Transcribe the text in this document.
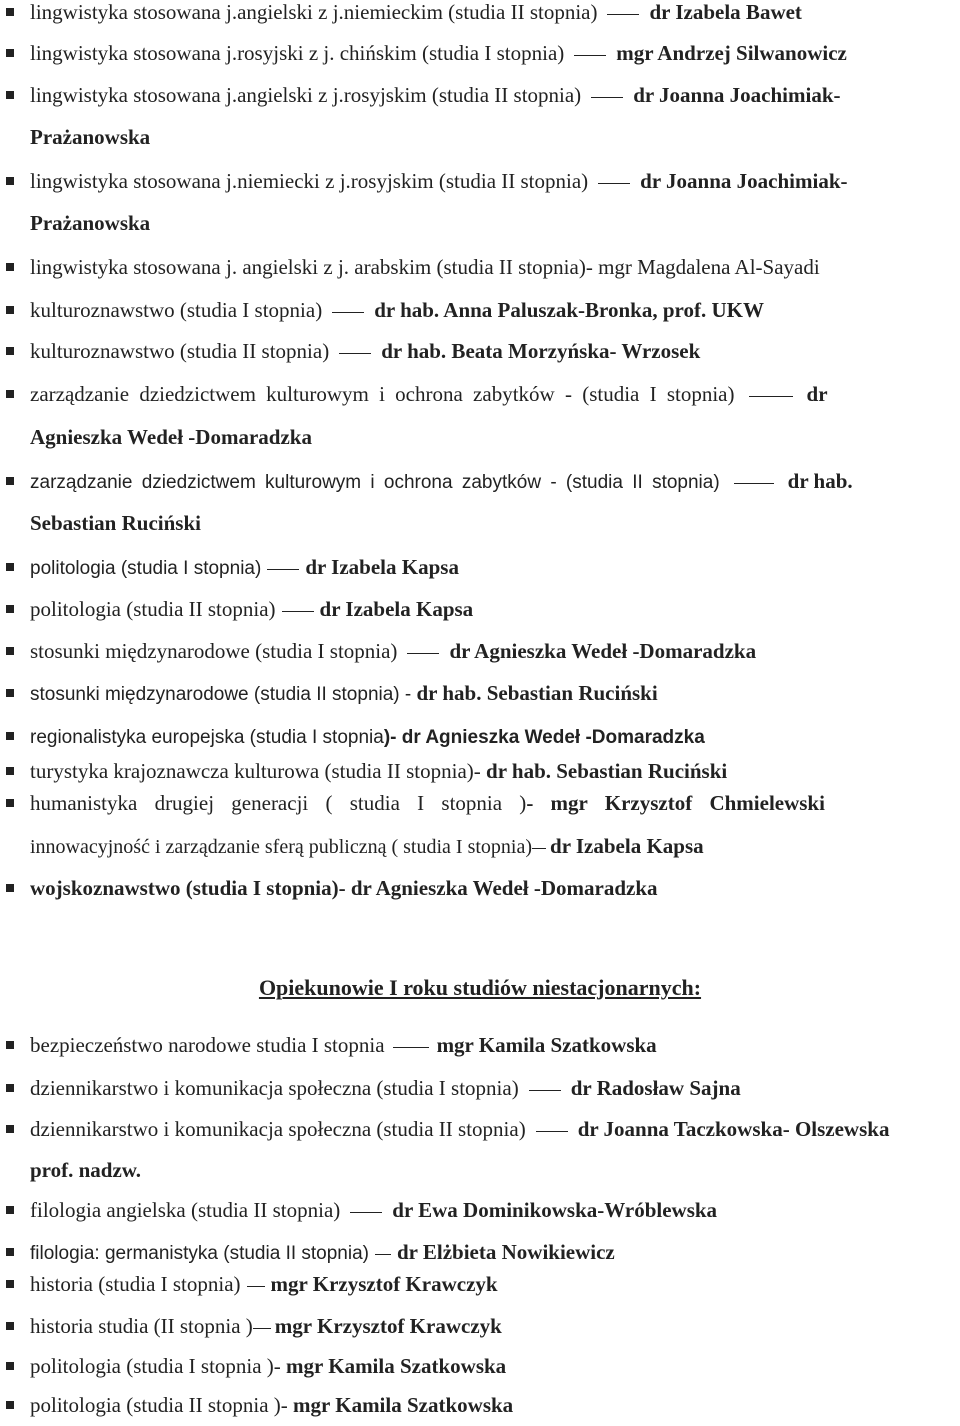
lingwistyka stosowana j.angielski z j.niemieckim (studia II stopnia) dr Izabela Bawet
lingwistyka stosowana j.rosyjski z j. chińskim (studia I stopnia) mgr Andrzej Silwanowicz
lingwistyka stosowana j.angielski z j.rosyjskim (studia II stopnia) dr Joanna Joachimiak-
Prażanowska
lingwistyka stosowana j.niemiecki z j.rosyjskim (studia II stopnia) dr Joanna Joachimiak-
Prażanowska
lingwistyka stosowana j. angielski z j. arabskim (studia II stopnia)- mgr Magdalena Al-Sayadi
kulturoznawstwo (studia I stopnia) dr hab. Anna Paluszak-Bronka, prof. UKW
kulturoznawstwo (studia II stopnia) dr hab. Beata Morzyńska- Wrzosek
zarządzanie dziedzictwem kulturowym i ochrona zabytków - (studia I stopnia)	dr
Agnieszka Wedeł -Domaradzka
zarządzanie dziedzictwem kulturowym i ochrona zabytków - (studia II stopnia)	dr hab.
Sebastian Ruciński
politologia (studia I stopnia) dr Izabela Kapsa
politologia (studia II stopnia) dr Izabela Kapsa
stosunki międzynarodowe (studia I stopnia) dr Agnieszka Wedeł -Domaradzka
stosunki międzynarodowe (studia II stopnia) - dr hab. Sebastian Ruciński
regionalistyka europejska (studia I stopnia)- dr Agnieszka Wedeł -Domaradzka
turystyka krajoznawcza kulturowa (studia II stopnia)- dr hab. Sebastian Ruciński
humanistyka drugiej generacji ( studia I stopnia )- mgr Krzysztof Chmielewski
innowacyjność i zarządzanie sferą publiczną ( studia I stopnia) dr Izabela Kapsa
wojskoznawstwo (studia I stopnia)- dr Agnieszka Wedeł -Domaradzka
Opiekunowie I roku studiów niestacjonarnych:
bezpieczeństwo narodowe studia I stopnia mgr Kamila Szatkowska
dziennikarstwo i komunikacja społeczna (studia I stopnia) dr Radosław Sajna
dziennikarstwo i komunikacja społeczna (studia II stopnia) dr Joanna Taczkowska- Olszewska
prof. nadzw.
filologia angielska (studia II stopnia) dr Ewa Dominikowska-Wróblewska
filologia: germanistyka (studia II stopnia) dr Elżbieta Nowikiewicz
historia (studia I stopnia) mgr Krzysztof Krawczyk
historia studia (II stopnia ) mgr Krzysztof Krawczyk
politologia (studia I stopnia )- mgr Kamila Szatkowska
politologia (studia II stopnia )- mgr Kamila Szatkowska
